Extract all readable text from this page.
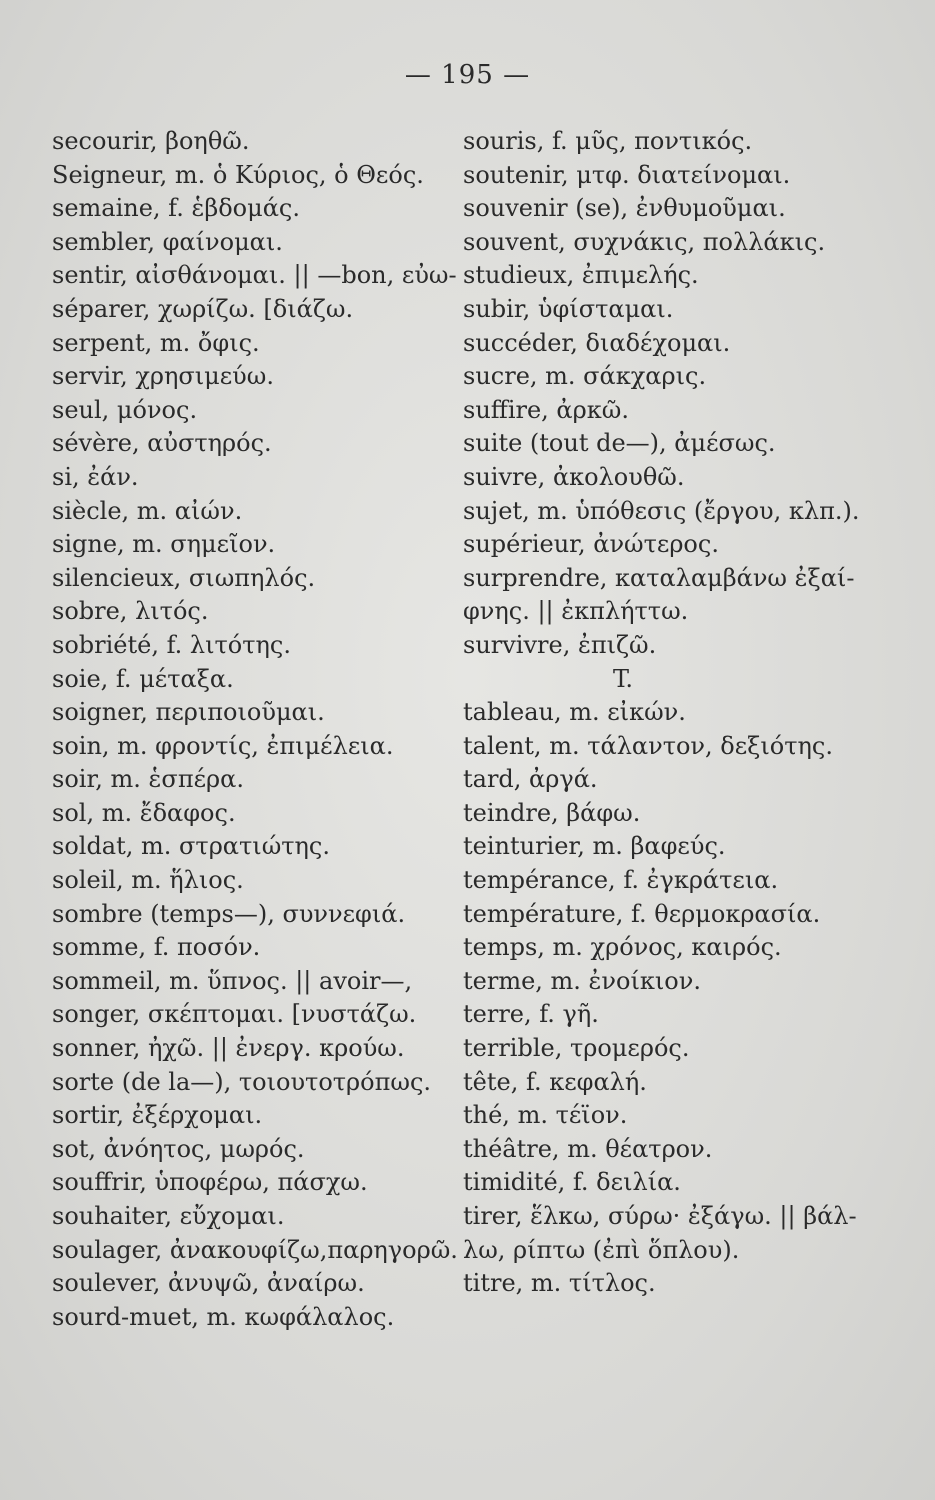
— 195 —
secourir, βοηθῶ.
Seigneur, m. ὁ Κύριος, ὁ Θεός.
semaine, f. ἑβδομάς.
sembler, φαίνομαι.
sentir, αἰσθάνομαι. || —bon, εὐω-
séparer, χωρίζω. [διάζω.
serpent, m. ὄφις.
servir, χρησιμεύω.
seul, μόνος.
sévère, αὐστηρός.
si, ἐάν.
siècle, m. αἰών.
signe, m. σημεῖον.
silencieux, σιωπηλός.
sobre, λιτός.
sobriété, f. λιτότης.
soie, f. μέταξα.
soigner, περιποιοῦμαι.
soin, m. φροντίς, ἐπιμέλεια.
soir, m. ἑσπέρα.
sol, m. ἔδαφος.
soldat, m. στρατιώτης.
soleil, m. ἥλιος.
sombre (temps—), συννεφιά.
somme, f. ποσόν.
sommeil, m. ὕπνος. || avoir—,
songer, σκέπτομαι. [νυστάζω.
sonner, ἠχῶ. || ἐνεργ. κρούω.
sorte (de la—), τοιουτοτρόπως.
sortir, ἐξέρχομαι.
sot, ἀνόητος, μωρός.
souffrir, ὑποφέρω, πάσχω.
souhaiter, εὔχομαι.
soulager, ἀνακουφίζω,παρηγορῶ.
soulever, ἀνυψῶ, ἀναίρω.
sourd-muet, m. κωφάλαλος.
souris, f. μῦς, ποντικός.
soutenir, μτφ. διατείνομαι.
souvenir (se), ἐνθυμοῦμαι.
souvent, συχνάκις, πολλάκις.
studieux, ἐπιμελής.
subir, ὑφίσταμαι.
succéder, διαδέχομαι.
sucre, m. σάκχαρις.
suffire, ἀρκῶ.
suite (tout de—), ἀμέσως.
suivre, ἀκολουθῶ.
sujet, m. ὑπόθεσις (ἔργου, κλπ.).
supérieur, ἀνώτερος.
surprendre, καταλαμβάνω ἐξαί-
φνης. || ἐκπλήττω.
survivre, ἐπιζῶ.
T.
tableau, m. εἰκών.
talent, m. τάλαντον, δεξιότης.
tard, ἀργά.
teindre, βάφω.
teinturier, m. βαφεύς.
tempérance, f. ἐγκράτεια.
température, f. θερμοκρασία.
temps, m. χρόνος, καιρός.
terme, m. ἐνοίκιον.
terre, f. γῆ.
terrible, τρομερός.
tête, f. κεφαλή.
thé, m. τέϊον.
théâtre, m. θέατρον.
timidité, f. δειλία.
tirer, ἕλκω, σύρω· ἐξάγω. || βάλ-
λω, ρίπτω (ἐπὶ ὅπλου).
titre, m. τίτλος.
